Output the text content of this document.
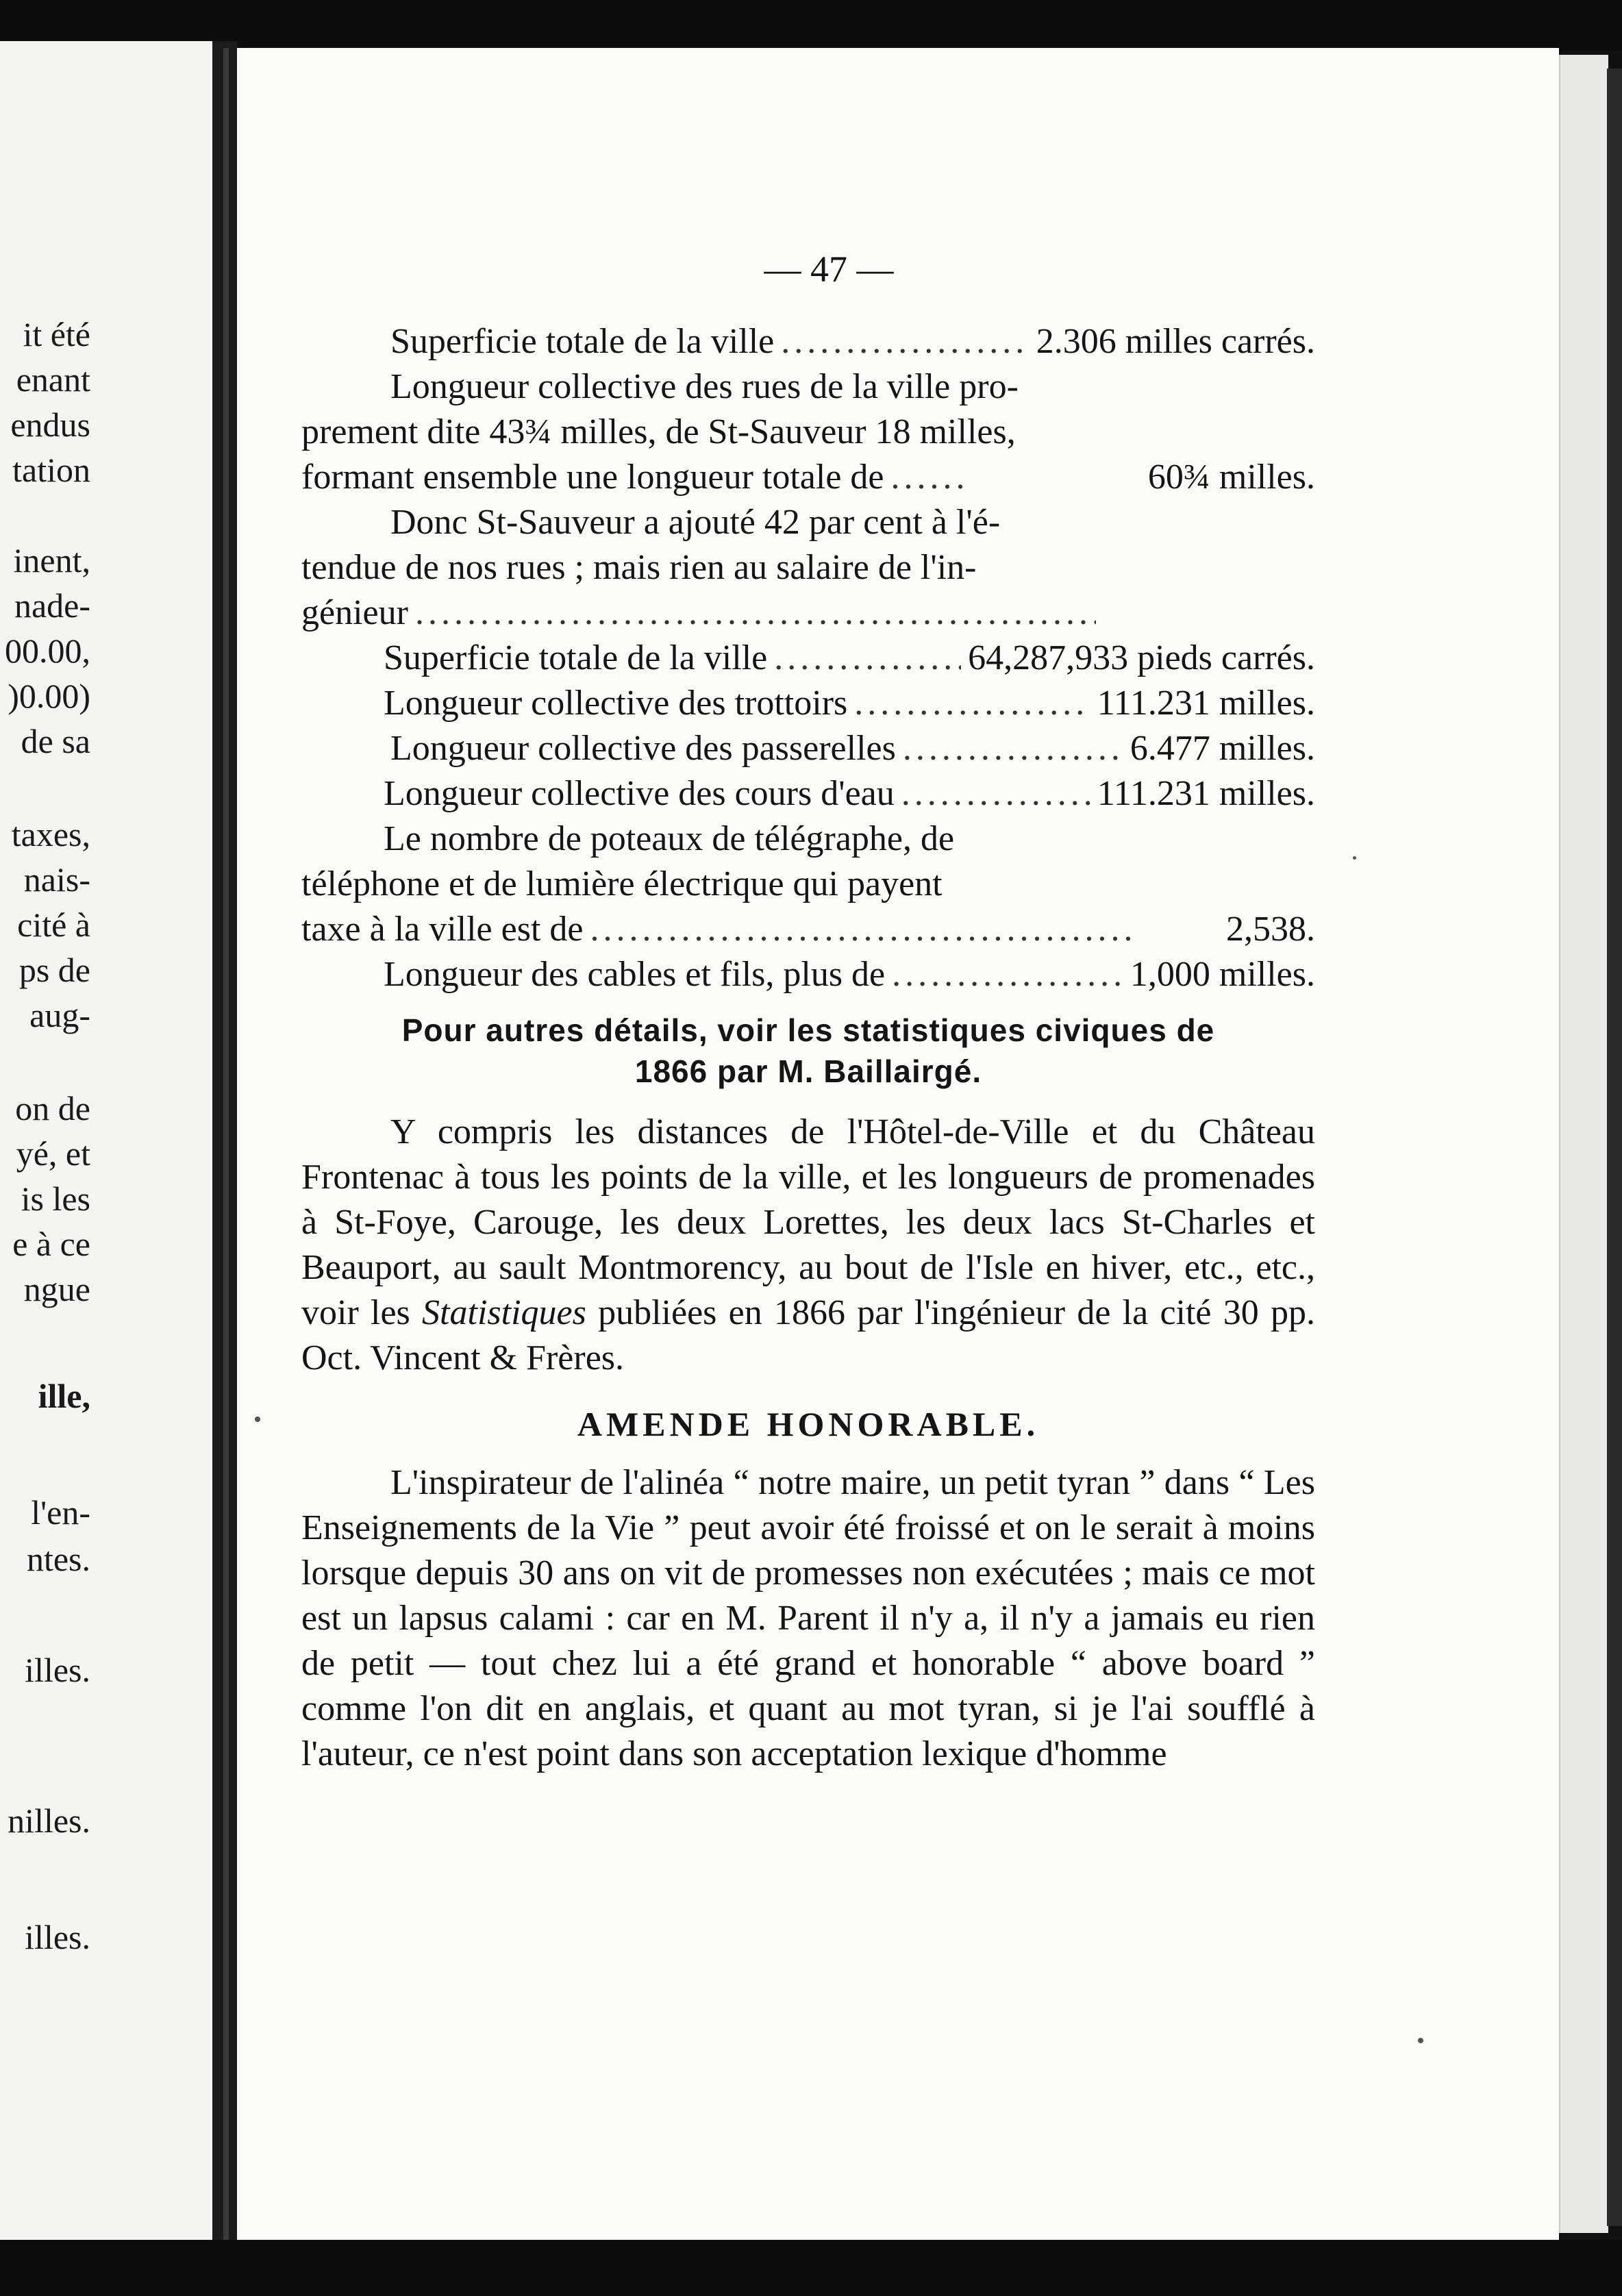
it été
enant
endus
tation
inent,
nade-
00.00,
)0.00)
de sa
taxes,
nais-
cité à
ps de
aug-
on de
yé, et
is les
e à ce
ngue
ille,
l'en-
ntes.
illes.
nilles.
illes.
— 47 —
Superficie totale de la ville .....	2.306 milles carrés.
Longueur collective des rues de la ville pro-
prement dite 43¾ milles, de St-Sauveur 18 milles,
formant ensemble une longueur totale de .....	60¾ milles.
Donc St-Sauveur a ajouté 42 par cent à l'é-
tendue de nos rues ; mais rien au salaire de l'in-
génieur
.....
Superficie totale de la ville .....	64,287,933 pieds carrés.
Longueur collective des trottoirs .....	111.231 milles.
Longueur collective des passerelles .....	6.477 milles.
Longueur collective des cours d'eau .....	111.231 milles.
Le nombre de poteaux de télégraphe, de
téléphone et de lumière électrique qui payent
taxe à la ville est de .....	2,538.
Longueur des cables et fils, plus de .....	1,000 milles.
Pour autres détails, voir les statistiques civiques de
1866 par M. Baillairgé.
Y compris les distances de l'Hôtel-de-Ville et du Château Frontenac à tous les points de la ville, et les longueurs de promenades à St-Foye, Carouge, les deux Lorettes, les deux lacs St-Charles et Beauport, au sault Montmorency, au bout de l'Isle en hiver, etc., etc., voir les Statistiques publiées en 1866 par l'ingénieur de la cité 30 pp. Oct. Vincent & Frères.
AMENDE HONORABLE.
L'inspirateur de l'alinéa “ notre maire, un petit tyran ” dans “ Les Enseignements de la Vie ” peut avoir été froissé et on le serait à moins lorsque depuis 30 ans on vit de promesses non exécutées ; mais ce mot est un lapsus calami : car en M. Parent il n'y a, il n'y a jamais eu rien de petit — tout chez lui a été grand et honorable “ above board ” comme l'on dit en anglais, et quant au mot tyran, si je l'ai soufflé à l'auteur, ce n'est point dans son acceptation lexique d'homme
